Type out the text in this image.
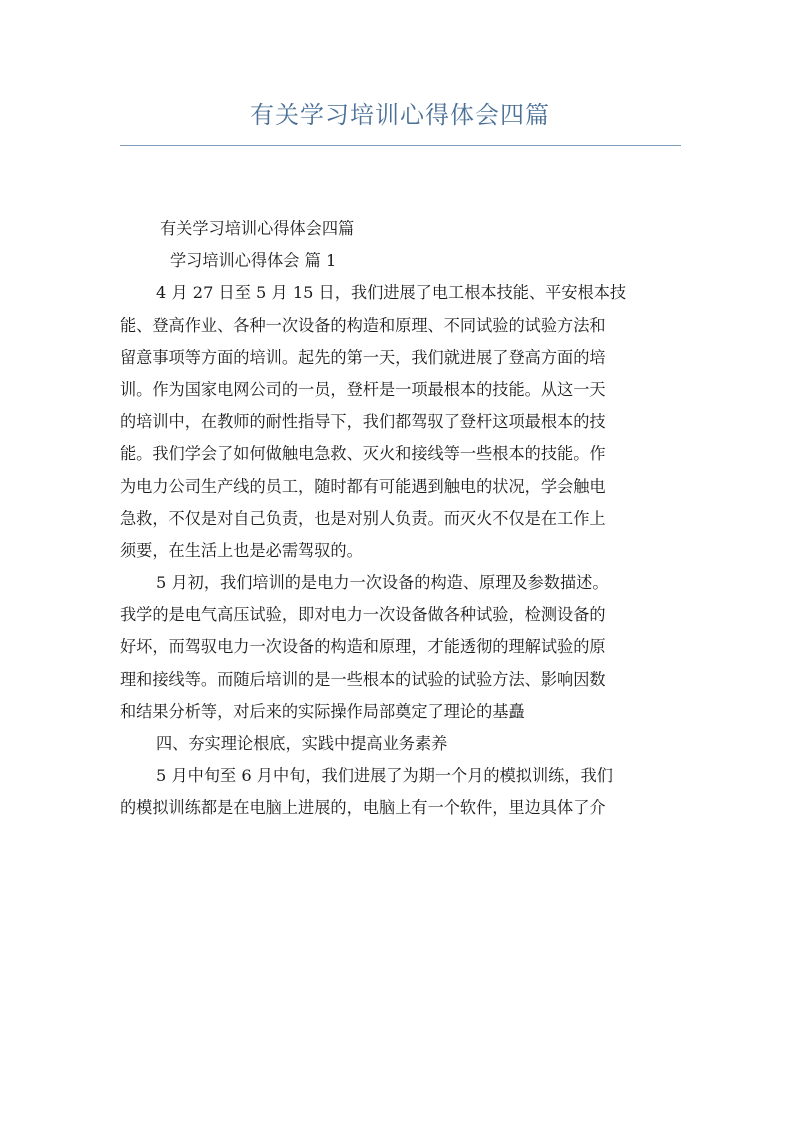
有关学习培训心得体会四篇

有关学习培训心得体会四篇

学习培训心得体会 篇 1

4 月 27 日至 5 月 15 日，我们进展了电工根本技能、平安根本技

能、登高作业、各种一次设备的构造和原理、不同试验的试验方法和

留意事项等方面的培训。起先的第一天，我们就进展了登高方面的培

训。作为国家电网公司的一员，登杆是一项最根本的技能。从这一天

的培训中，在教师的耐性指导下，我们都驾驭了登杆这项最根本的技

能。我们学会了如何做触电急救、灭火和接线等一些根本的技能。作

为电力公司生产线的员工，随时都有可能遇到触电的状况，学会触电

急救，不仅是对自己负责，也是对别人负责。而灭火不仅是在工作上

须要，在生活上也是必需驾驭的。

5 月初，我们培训的是电力一次设备的构造、原理及参数描述。

我学的是电气高压试验，即对电力一次设备做各种试验，检测设备的

好坏，而驾驭电力一次设备的构造和原理，才能透彻的理解试验的原

理和接线等。而随后培训的是一些根本的试验的试验方法、影响因数

和结果分析等，对后来的实际操作局部奠定了理论的基矗

四、夯实理论根底，实践中提高业务素养

5 月中旬至 6 月中旬，我们进展了为期一个月的模拟训练，我们

的模拟训练都是在电脑上进展的，电脑上有一个软件，里边具体了介
